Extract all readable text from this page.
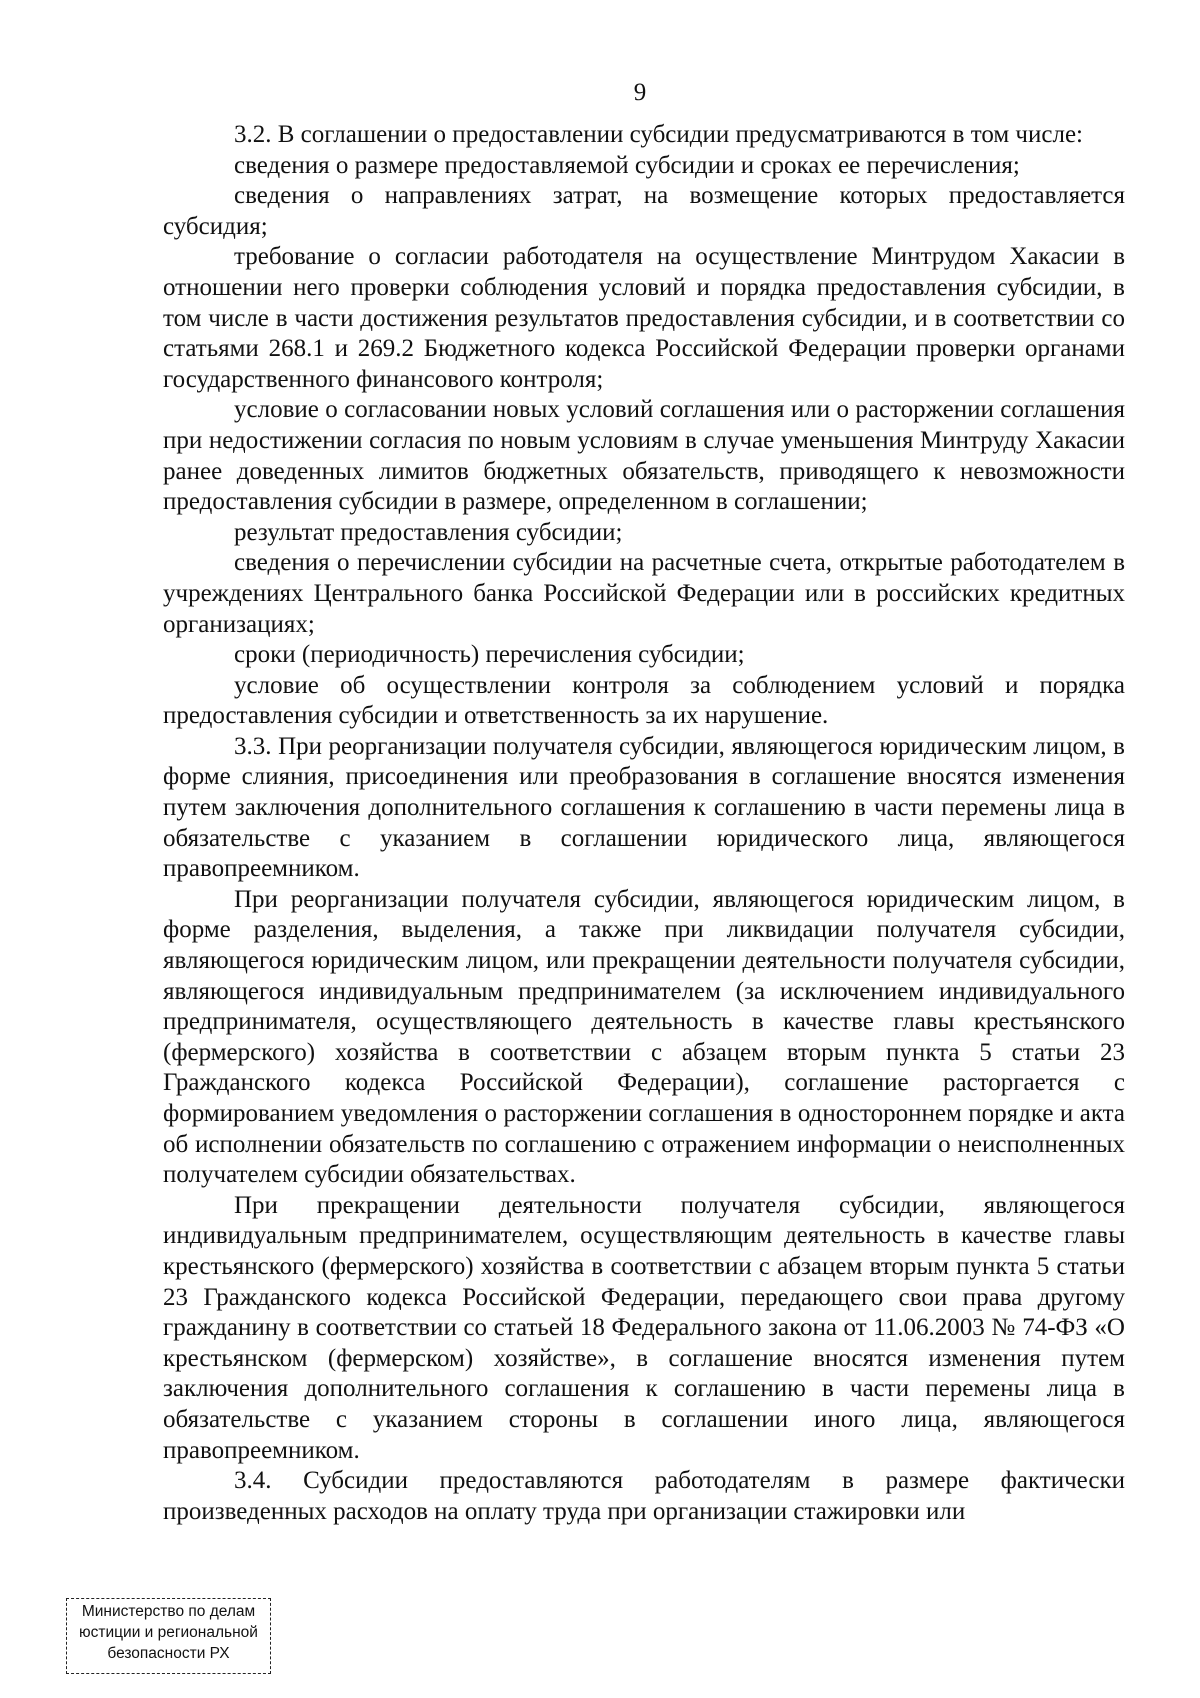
9

3.2. В соглашении о предоставлении субсидии предусматриваются в том числе:

сведения о размере предоставляемой субсидии и сроках ее перечисления;

сведения о направлениях затрат, на возмещение которых предоставляется субсидия;

требование о согласии работодателя на осуществление Минтрудом Хакасии в отношении него проверки соблюдения условий и порядка предоставления субсидии, в том числе в части достижения результатов предоставления субсидии, и в соответствии со статьями 268.1 и 269.2 Бюджетного кодекса Российской Федерации проверки органами государственного финансового контроля;

условие о согласовании новых условий соглашения или о расторжении соглашения при недостижении согласия по новым условиям в случае уменьшения Минтруду Хакасии ранее доведенных лимитов бюджетных обязательств, приводящего к невозможности предоставления субсидии в размере, определенном в соглашении;

результат предоставления субсидии;

сведения о перечислении субсидии на расчетные счета, открытые работодателем в учреждениях Центрального банка Российской Федерации или в российских кредитных организациях;

сроки (периодичность) перечисления субсидии;

условие об осуществлении контроля за соблюдением условий и порядка предоставления субсидии и ответственность за их нарушение.

3.3. При реорганизации получателя субсидии, являющегося юридическим лицом, в форме слияния, присоединения или преобразования в соглашение вносятся изменения путем заключения дополнительного соглашения к соглашению в части перемены лица в обязательстве с указанием в соглашении юридического лица, являющегося правопреемником.

При реорганизации получателя субсидии, являющегося юридическим лицом, в форме разделения, выделения, а также при ликвидации получателя субсидии, являющегося юридическим лицом, или прекращении деятельности получателя субсидии, являющегося индивидуальным предпринимателем (за исключением индивидуального предпринимателя, осуществляющего деятельность в качестве главы крестьянского (фермерского) хозяйства в соответствии с абзацем вторым пункта 5 статьи 23 Гражданского кодекса Российской Федерации), соглашение расторгается с формированием уведомления о расторжении соглашения в одностороннем порядке и акта об исполнении обязательств по соглашению с отражением информации о неисполненных получателем субсидии обязательствах.

При прекращении деятельности получателя субсидии, являющегося индивидуальным предпринимателем, осуществляющим деятельность в качестве главы крестьянского (фермерского) хозяйства в соответствии с абзацем вторым пункта 5 статьи 23 Гражданского кодекса Российской Федерации, передающего свои права другому гражданину в соответствии со статьей 18 Федерального закона от 11.06.2003 № 74-ФЗ «О крестьянском (фермерском) хозяйстве», в соглашение вносятся изменения путем заключения дополнительного соглашения к соглашению в части перемены лица в обязательстве с указанием стороны в соглашении иного лица, являющегося правопреемником.

3.4. Субсидии предоставляются работодателям в размере фактически произведенных расходов на оплату труда при организации стажировки или

Министерство по делам
юстиции и региональной
безопасности РХ
